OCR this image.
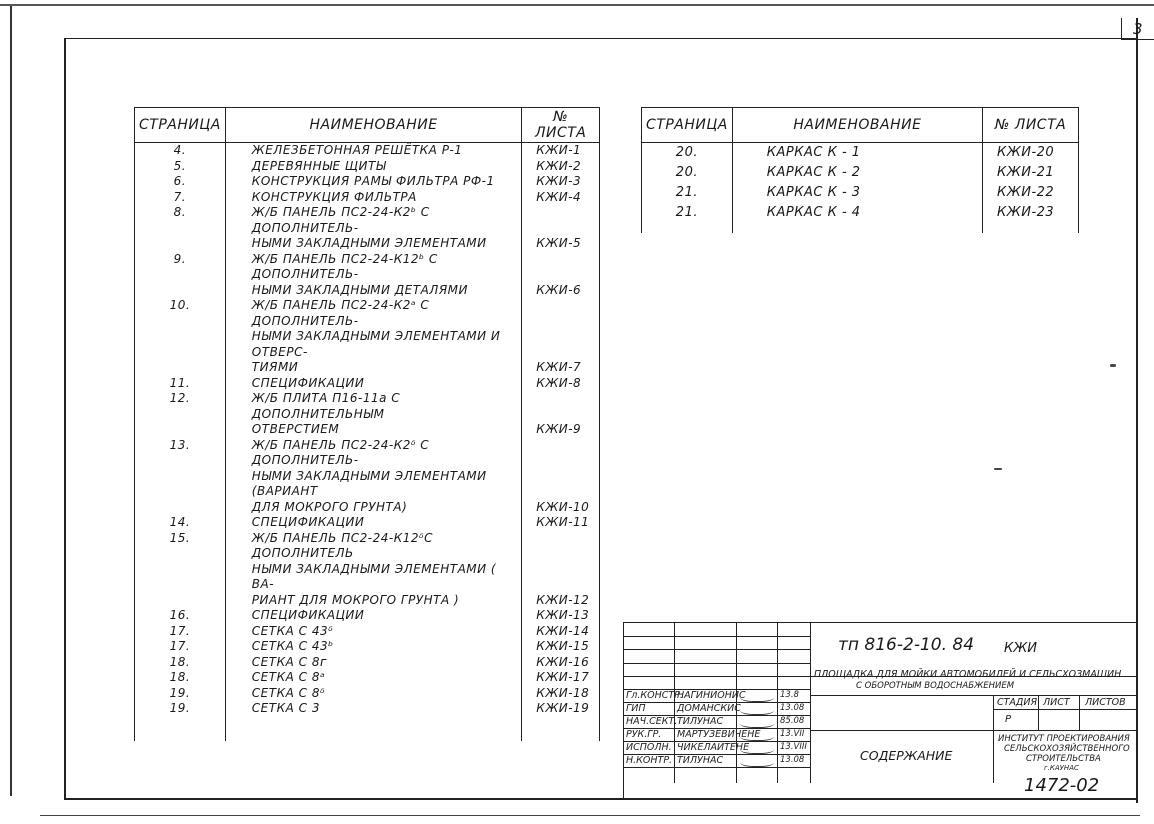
3
СТРАНИЦА	НАИМЕНОВАНИЕ	№ ЛИСТА
4.	ЖЕЛЕЗБЕТОННАЯ РЕШЁТКА Р-1	КЖИ-1
5.	ДЕРЕВЯННЫЕ ЩИТЫ	КЖИ-2
6.	КОНСТРУКЦИЯ РАМЫ ФИЛЬТРА РФ-1	КЖИ-3
7.	КОНСТРУКЦИЯ ФИЛЬТРА	КЖИ-4
8.	Ж/Б ПАНЕЛЬ ПС2-24-К2ᵇ С ДОПОЛНИТЕЛЬ-	
	НЫМИ ЗАКЛАДНЫМИ ЭЛЕМЕНТАМИ	КЖИ-5
9.	Ж/Б ПАНЕЛЬ ПС2-24-К12ᵇ С ДОПОЛНИТЕЛЬ-	
	НЫМИ ЗАКЛАДНЫМИ ДЕТАЛЯМИ	КЖИ-6
10.	Ж/Б ПАНЕЛЬ ПС2-24-К2ᵃ С ДОПОЛНИТЕЛЬ-	
	НЫМИ ЗАКЛАДНЫМИ ЭЛЕМЕНТАМИ И ОТВЕРС-	
	ТИЯМИ	КЖИ-7
11.	СПЕЦИФИКАЦИИ	КЖИ-8
12.	Ж/Б ПЛИТА П16-11а С ДОПОЛНИТЕЛЬНЫМ	
	ОТВЕРСТИЕМ	КЖИ-9
13.	Ж/Б ПАНЕЛЬ ПС2-24-К2ᵟ С ДОПОЛНИТЕЛЬ-	
	НЫМИ ЗАКЛАДНЫМИ ЭЛЕМЕНТАМИ (ВАРИАНТ	
	ДЛЯ МОКРОГО ГРУНТА)	КЖИ-10
14.	СПЕЦИФИКАЦИИ	КЖИ-11
15.	Ж/Б ПАНЕЛЬ ПС2-24-К12ᵟС ДОПОЛНИТЕЛЬ	
	НЫМИ ЗАКЛАДНЫМИ ЭЛЕМЕНТАМИ ( ВА-	
	РИАНТ ДЛЯ МОКРОГО ГРУНТА )	КЖИ-12
16.	СПЕЦИФИКАЦИИ	КЖИ-13
17.	СЕТКА С 43ᵟ	КЖИ-14
17.	СЕТКА С 43ᵇ	КЖИ-15
18.	СЕТКА С 8ᴦ	КЖИ-16
18.	СЕТКА С 8ᵃ	КЖИ-17
19.	СЕТКА С 8ᵟ	КЖИ-18
19.	СЕТКА С 3	КЖИ-19

СТРАНИЦА	НАИМЕНОВАНИЕ	№ ЛИСТА
20.	КАРКАС К - 1	КЖИ-20
20.	КАРКАС К - 2	КЖИ-21
21.	КАРКАС К - 3	КЖИ-22
21.	КАРКАС К - 4	КЖИ-23

тп 816-2-10. 84 КЖИ
ПЛОЩАДКА ДЛЯ МОЙКИ АВТОМОБИЛЕЙ И СЕЛЬСХОЗМАШИН
С ОБОРОТНЫМ ВОДОСНАБЖЕНИЕМ
СТАДИЯ ЛИСТ ЛИСТОВ
Р
СОДЕРЖАНИЕ
ИНСТИТУТ ПРОЕКТИРОВАНИЯ
СЕЛЬСКОХОЗЯЙСТВЕННОГО
СТРОИТЕЛЬСТВА
г.КАУНАС
1472-02
Гл.КОНСТР.
НАГИНИОНИС	13.8
ГИП	ДОМАНСКИС	13.08
НАЧ.СЕКТ. ТИЛУНАС	85.08
РУК.ГР. МАРТУЗЕВИЧЕНЕ 13.VII
ИСПОЛН. ЧИКЕЛАЙТЕНЕ	13.VIII
Н.КОНТР. ТИЛУНАС	13.08
